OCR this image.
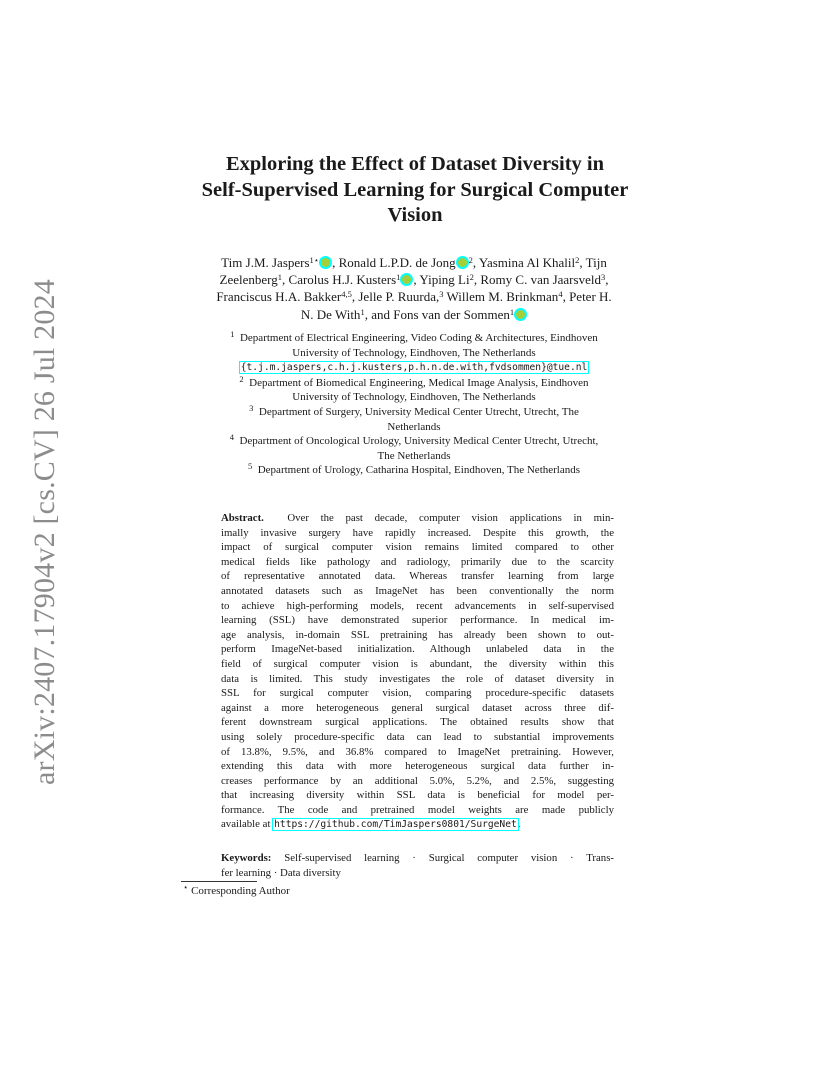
arXiv:2407.17904v2 [cs.CV] 26 Jul 2024
Exploring the Effect of Dataset Diversity in
Self-Supervised Learning for Surgical Computer
Vision
Tim J.M. Jaspers$^{1⋆}$ , Ronald L.P.D. de Jong $^2$, Yasmina Al Khalil$^2$, Tijn
Zeelenberg$^1$, Carolus H.J. Kusters$^1$ , Yiping Li$^2$, Romy C. van Jaarsveld$^3$,
Franciscus H.A. Bakker$^{4,5}$, Jelle P. Ruurda,$^3$ Willem M. Brinkman$^4$, Peter H.
N. De With$^1$, and Fons van der Sommen$^1$
$^1$ Department of Electrical Engineering, Video Coding & Architectures, Eindhoven
University of Technology, Eindhoven, The Netherlands
{t.j.m.jaspers,c.h.j.kusters,p.h.n.de.with,fvdsommen}@tue.nl
$^2$ Department of Biomedical Engineering, Medical Image Analysis, Eindhoven
University of Technology, Eindhoven, The Netherlands
$^3$ Department of Surgery, University Medical Center Utrecht, Utrecht, The
Netherlands
$^4$ Department of Oncological Urology, University Medical Center Utrecht, Utrecht,
The Netherlands
$^5$ Department of Urology, Catharina Hospital, Eindhoven, The Netherlands
Abstract. Over the past decade, computer vision applications in min-
imally invasive surgery have rapidly increased. Despite this growth, the
impact of surgical computer vision remains limited compared to other
medical fields like pathology and radiology, primarily due to the scarcity
of representative annotated data. Whereas transfer learning from large
annotated datasets such as ImageNet has been conventionally the norm
to achieve high-performing models, recent advancements in self-supervised
learning (SSL) have demonstrated superior performance. In medical im-
age analysis, in-domain SSL pretraining has already been shown to out-
perform ImageNet-based initialization. Although unlabeled data in the
field of surgical computer vision is abundant, the diversity within this
data is limited. This study investigates the role of dataset diversity in
SSL for surgical computer vision, comparing procedure-specific datasets
against a more heterogeneous general surgical dataset across three dif-
ferent downstream surgical applications. The obtained results show that
using solely procedure-specific data can lead to substantial improvements
of 13.8%, 9.5%, and 36.8% compared to ImageNet pretraining. However,
extending this data with more heterogeneous surgical data further in-
creases performance by an additional 5.0%, 5.2%, and 2.5%, suggesting
that increasing diversity within SSL data is beneficial for model per-
formance. The code and pretrained model weights are made publicly
available at https://github.com/TimJaspers0801/SurgeNet.
Keywords: Self-supervised learning · Surgical computer vision · Trans-
fer learning · Data diversity
⋆ Corresponding Author
